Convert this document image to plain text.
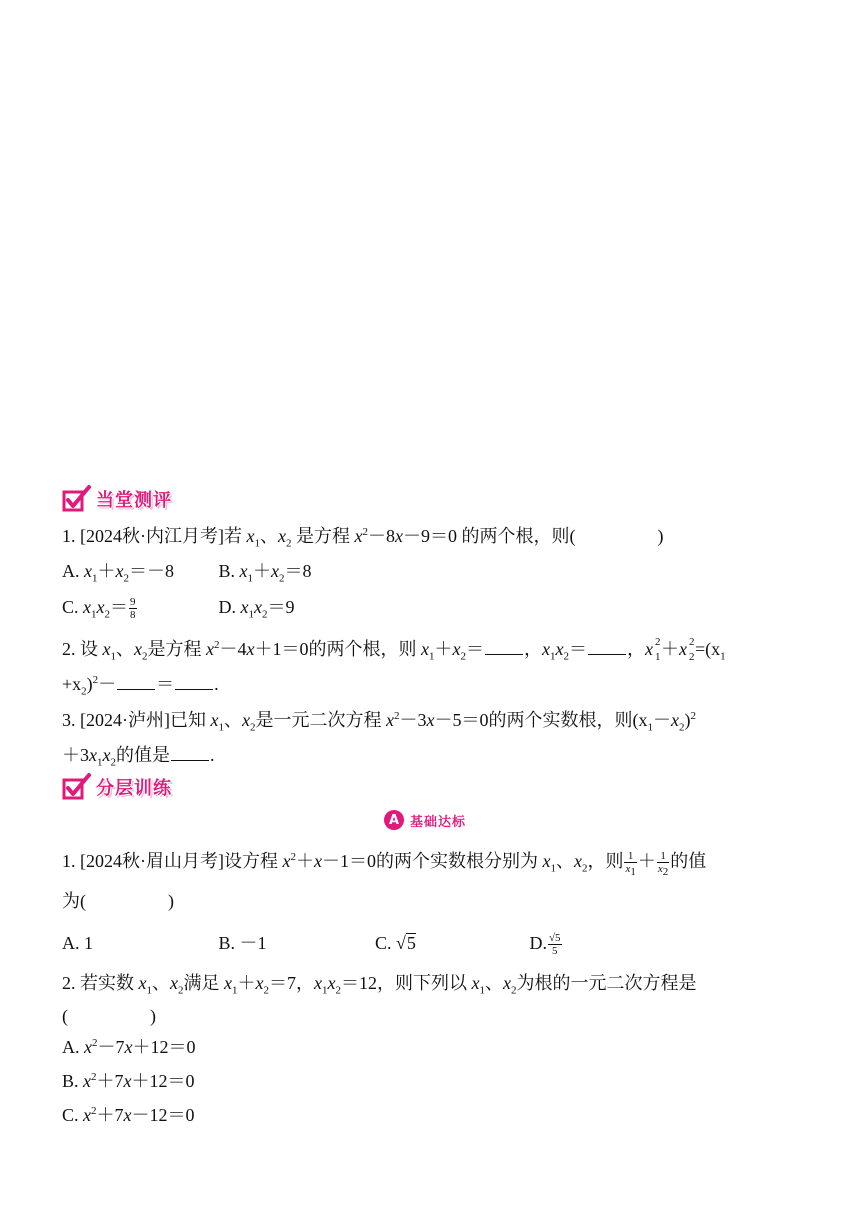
当堂测评
1. [2024秋·内江月考]若 $x_1$、$x_2$ 是方程 $x^2-8x-9=0$ 的两个根，则(	)
A. $x_1+x_2=-8$ B. $x_1+x_2=8$
C. $x_1x_2= \frac{9}{8}$	D. $x_1x_2=9$
2. 设 $x_1$、$x_2$是方程 $x^2-4x+1=0$的两个根，则 $x_1+x_2=$ ，$x_1x_2=$ ，x 2
1 ＋x 2
$2 =(x_1$
$+x_2)^2-$ ＝ .
3. [2024·泸州]已知 $x_1$、$x_2$是一元二次方程 $x^2-3x-5=0$的两个实数根，则$(x_1-x_2)^2$
$+3x_1x_2$的值是 .
分层训练
A 基础达标
1. [2024秋·眉山月考]设方程 $x^2+x-1=0$的两个实数根分别为 $x_1$、$x_2$，则 $\frac{1}{x_1} + \frac{1}{x_2}$ 的值
为(	)
A. 1	B. －1	C. √5	D. $\frac{√5}{5}$
2. 若实数 $x_1$、$x_2$满足 $x_1+x_2=7$，$x_1x_2=12$，则下列以 $x_1$、$x_2$为根的一元二次方程是
(	)
A. $x^2-7x+12=0$
B. $x^2+7x+12=0$
C. $x^2+7x-12=0$
